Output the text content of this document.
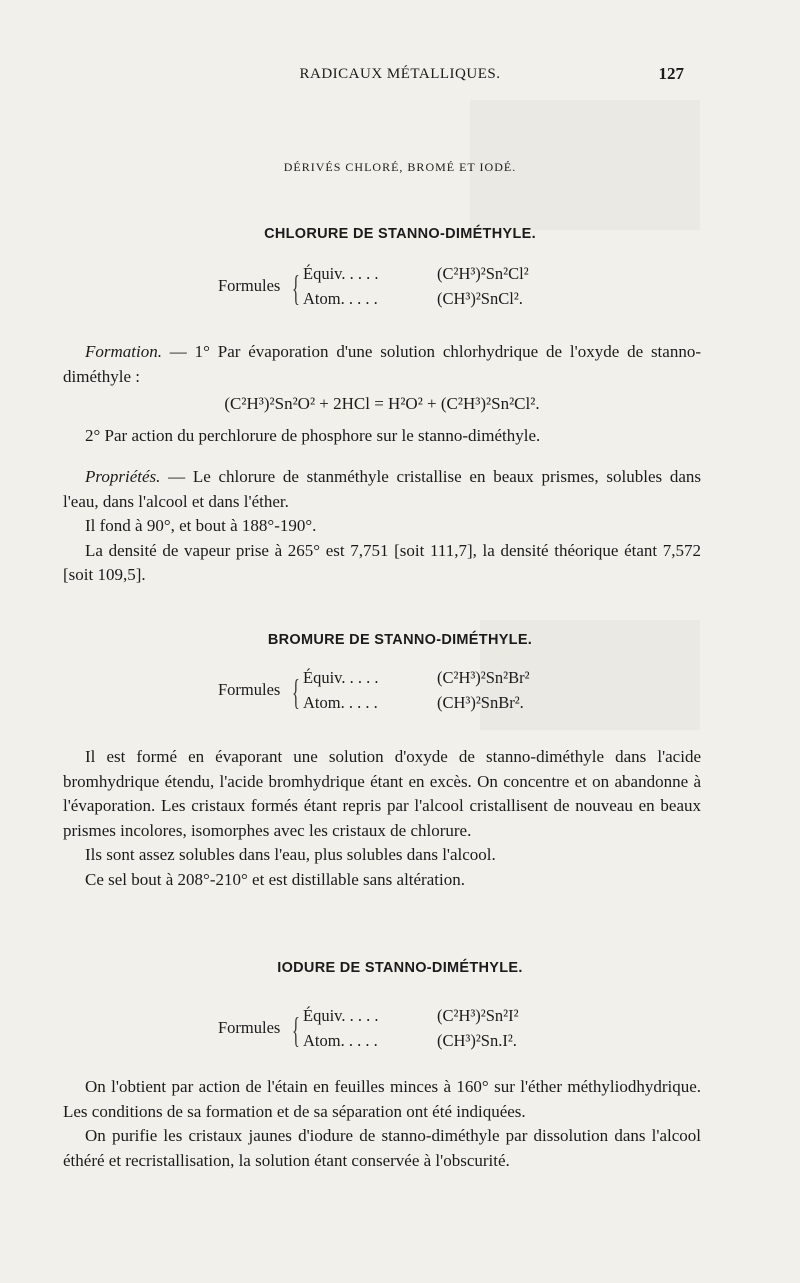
RADICAUX MÉTALLIQUES.	127
DÉRIVÉS CHLORÉ, BROMÉ ET IODÉ.
CHLORURE DE STANNO-DIMÉTHYLE.
Formules { Équiv. . . . .	(C²H³)²Sn²Cl²
Atom. . . . .	(CH³)²SnCl².

Formation. — 1° Par évaporation d'une solution chlorhydrique de l'oxyde de stanno-diméthyle :

(C²H³)²Sn²O² + 2HCl = H²O² + (C²H³)²Sn²Cl².

2° Par action du perchlorure de phosphore sur le stanno-diméthyle.

Propriétés. — Le chlorure de stanméthyle cristallise en beaux prismes, solubles dans l'eau, dans l'alcool et dans l'éther.

Il fond à 90°, et bout à 188°-190°.

La densité de vapeur prise à 265° est 7,751 [soit 111,7], la densité théorique étant 7,572 [soit 109,5].

BROMURE DE STANNO-DIMÉTHYLE.
Formules { Équiv. . . . .	(C²H³)²Sn²Br²
Atom. . . . .	(CH³)²SnBr².

Il est formé en évaporant une solution d'oxyde de stanno-diméthyle dans l'acide bromhydrique étendu, l'acide bromhydrique étant en excès. On concentre et on abandonne à l'évaporation. Les cristaux formés étant repris par l'alcool cristallisent de nouveau en beaux prismes incolores, isomorphes avec les cristaux de chlorure.

Ils sont assez solubles dans l'eau, plus solubles dans l'alcool.

Ce sel bout à 208°-210° et est distillable sans altération.

IODURE DE STANNO-DIMÉTHYLE.
Formules { Équiv. . . . .	(C²H³)²Sn²I²
Atom. . . . .	(CH³)²Sn.I².

On l'obtient par action de l'étain en feuilles minces à 160° sur l'éther méthyliodhydrique. Les conditions de sa formation et de sa séparation ont été indiquées.

On purifie les cristaux jaunes d'iodure de stanno-diméthyle par dissolution dans l'alcool éthéré et recristallisation, la solution étant conservée à l'obscurité.
